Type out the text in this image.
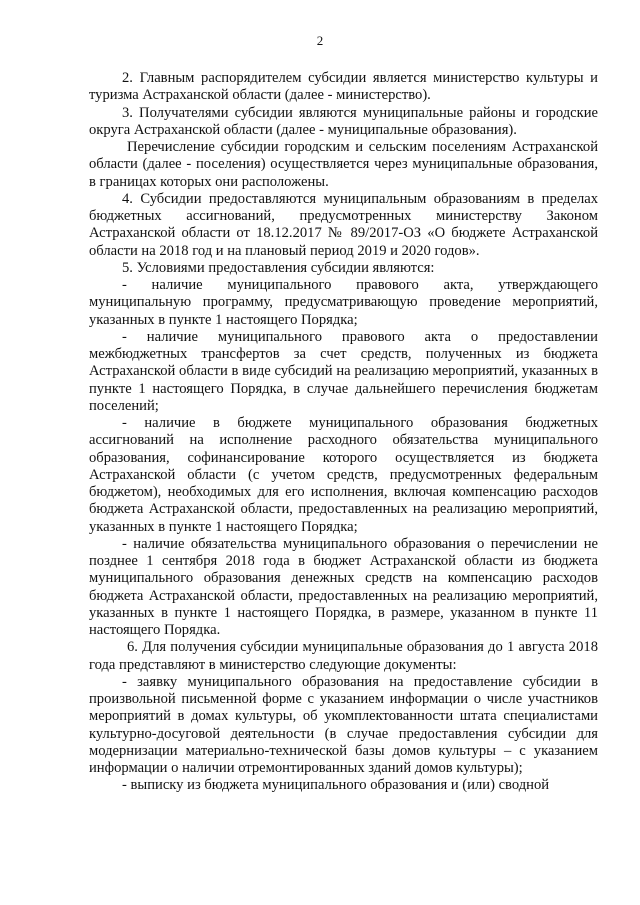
2

2. Главным распорядителем субсидии является министерство культуры и туризма Астраханской области (далее - министерство).

3. Получателями субсидии являются муниципальные районы и городские округа Астраханской области (далее - муниципальные образования).

Перечисление субсидии городским и сельским поселениям Астраханской области (далее - поселения) осуществляется через муниципальные образования, в границах которых они расположены.

4. Субсидии предоставляются муниципальным образованиям в пределах бюджетных ассигнований, предусмотренных министерству Законом Астраханской области от 18.12.2017 № 89/2017-ОЗ «О бюджете Астраханской области на 2018 год и на плановый период 2019 и 2020 годов».

5. Условиями предоставления субсидии являются:

- наличие муниципального правового акта, утверждающего муниципальную программу, предусматривающую проведение мероприятий, указанных в пункте 1 настоящего Порядка;

- наличие муниципального правового акта о предоставлении межбюджетных трансфертов за счет средств, полученных из бюджета Астраханской области в виде субсидий на реализацию мероприятий, указанных в пункте 1 настоящего Порядка, в случае дальнейшего перечисления бюджетам поселений;

- наличие в бюджете муниципального образования бюджетных ассигнований на исполнение расходного обязательства муниципального образования, софинансирование которого осуществляется из бюджета Астраханской области (с учетом средств, предусмотренных федеральным бюджетом), необходимых для его исполнения, включая компенсацию расходов бюджета Астраханской области, предоставленных на реализацию мероприятий, указанных в пункте 1 настоящего Порядка;

- наличие обязательства муниципального образования о перечислении не позднее 1 сентября 2018 года в бюджет Астраханской области из бюджета муниципального образования денежных средств на компенсацию расходов бюджета Астраханской области, предоставленных на реализацию мероприятий, указанных в пункте 1 настоящего Порядка, в размере, указанном в пункте 11 настоящего Порядка.

6. Для получения субсидии муниципальные образования до 1 августа 2018 года представляют в министерство следующие документы:

- заявку муниципального образования на предоставление субсидии в произвольной письменной форме с указанием информации о числе участников мероприятий в домах культуры, об укомплектованности штата специалистами культурно-досуговой деятельности (в случае предоставления субсидии для модернизации материально-технической базы домов культуры – с указанием информации о наличии отремонтированных зданий домов культуры);

- выписку из бюджета муниципального образования и (или) сводной
